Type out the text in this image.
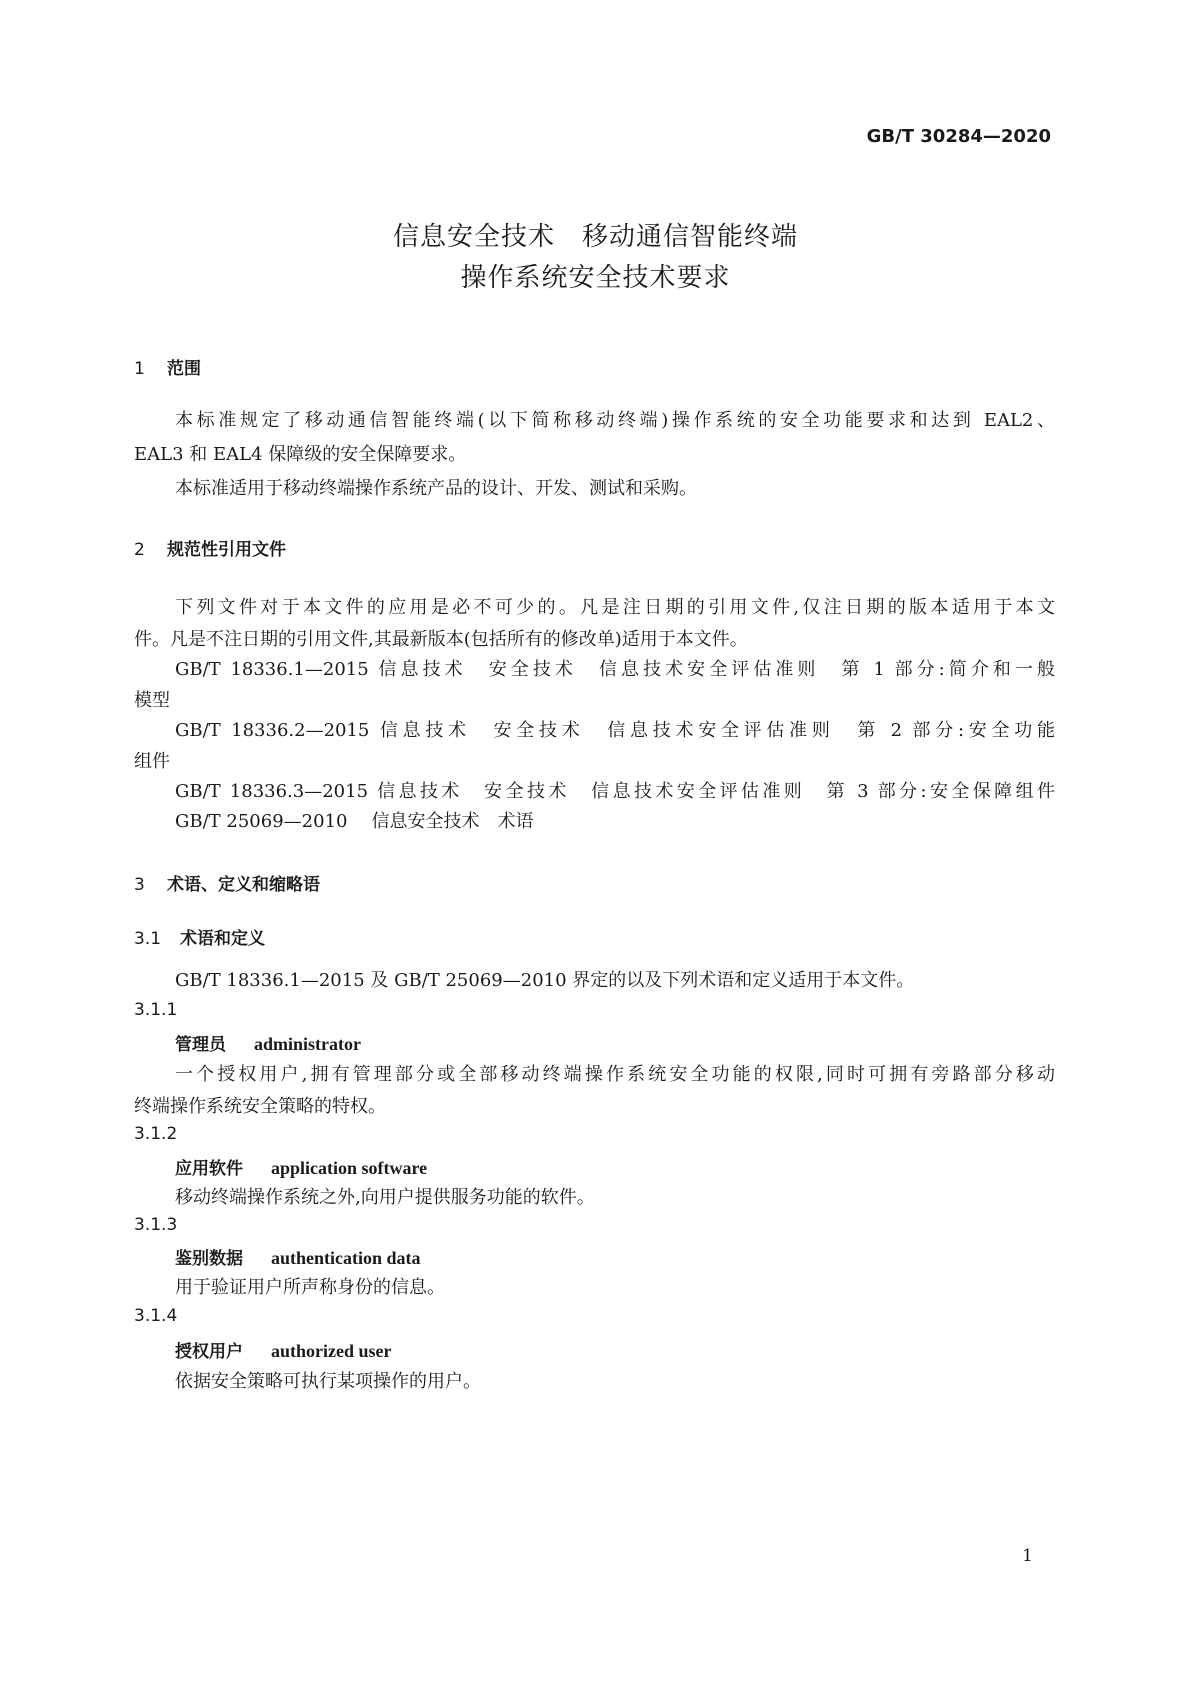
GB/T 30284—2020
信息安全技术　移动通信智能终端
操作系统安全技术要求
1 范围
本标准规定了移动通信智能终端(以下简称移动终端)操作系统的安全功能要求和达到 EAL2、
EAL3 和 EAL4 保障级的安全保障要求。
本标准适用于移动终端操作系统产品的设计、开发、测试和采购。
2 规范性引用文件
下列文件对于本文件的应用是必不可少的。凡是注日期的引用文件,仅注日期的版本适用于本文
件。凡是不注日期的引用文件,其最新版本(包括所有的修改单)适用于本文件。
GB/T 18336.1—2015 信息技术　安全技术　信息技术安全评估准则　第 1 部分:简介和一般
模型
GB/T 18336.2—2015 信息技术　安全技术　信息技术安全评估准则　第 2 部分:安全功能
组件
GB/T 18336.3—2015 信息技术　安全技术　信息技术安全评估准则　第 3 部分:安全保障组件
GB/T 25069—2010 信息安全技术　术语
3 术语、定义和缩略语
3.1 术语和定义
GB/T 18336.1—2015 及 GB/T 25069—2010 界定的以及下列术语和定义适用于本文件。
3.1.1
管理员 administrator
一个授权用户,拥有管理部分或全部移动终端操作系统安全功能的权限,同时可拥有旁路部分移动
终端操作系统安全策略的特权。
3.1.2
应用软件 application software
移动终端操作系统之外,向用户提供服务功能的软件。
3.1.3
鉴别数据 authentication data
用于验证用户所声称身份的信息。
3.1.4
授权用户 authorized user
依据安全策略可执行某项操作的用户。
1
